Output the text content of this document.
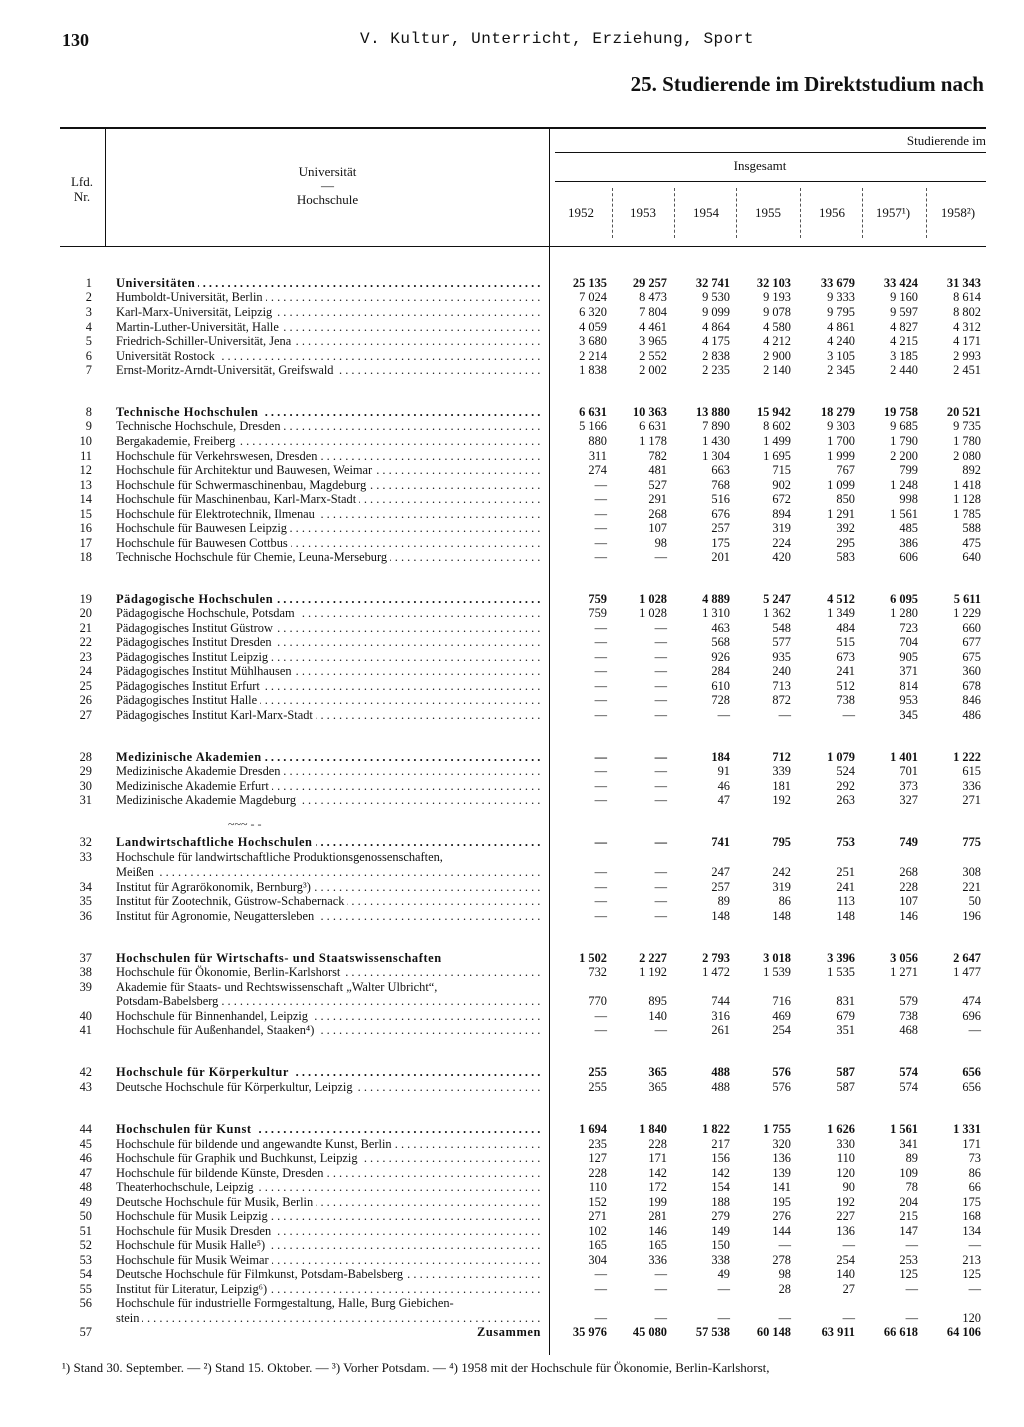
130	V. Kultur, Unterricht, Erziehung, Sport
25. Studierende im Direktstudium nach
Lfd.
Nr.
Universität
—
Hochschule
Studierende im
Insgesamt
1952	1953	1954	1955	1956	1957¹)	1958²)
1 Universitäten . . .	25 135	29 257	32 741	32 103	33 679	33 424	31 343
2 Humboldt-Universität, Berlin . . .	7 024	8 473	9 530	9 193	9 333	9 160	8 614
3 Karl-Marx-Universität, Leipzig . . .	6 320	7 804	9 099	9 078	9 795	9 597	8 802
4 Martin-Luther-Universität, Halle . . .	4 059	4 461	4 864	4 580	4 861	4 827	4 312
5 Friedrich-Schiller-Universität, Jena . . .	3 680	3 965	4 175	4 212	4 240	4 215	4 171
6 Universität Rostock . . .	2 214	2 552	2 838	2 900	3 105	3 185	2 993
7 Ernst-Moritz-Arndt-Universität, Greifswald . . .	1 838	2 002	2 235	2 140	2 345	2 440	2 451
8 Technische Hochschulen . . .	6 631	10 363	13 880	15 942	18 279	19 758	20 521
9 Technische Hochschule, Dresden . . .	5 166	6 631	7 890	8 602	9 303	9 685	9 735
10 Bergakademie, Freiberg . . .	880	1 178	1 430	1 499	1 700	1 790	1 780
11 Hochschule für Verkehrswesen, Dresden . . .	311	782	1 304	1 695	1 999	2 200	2 080
12 Hochschule für Architektur und Bauwesen, Weimar . . .	274	481	663	715	767	799	892
13 Hochschule für Schwermaschinenbau, Magdeburg . . .	—	527	768	902	1 099	1 248	1 418
14 Hochschule für Maschinenbau, Karl-Marx-Stadt . . .	—	291	516	672	850	998	1 128
15 Hochschule für Elektrotechnik, Ilmenau . . .	—	268	676	894	1 291	1 561	1 785
16 Hochschule für Bauwesen Leipzig . . .	—	107	257	319	392	485	588
17 Hochschule für Bauwesen Cottbus . . .	—	98	175	224	295	386	475
18 Technische Hochschule für Chemie, Leuna-Merseburg . . .	—	—	201	420	583	606	640
19 Pädagogische Hochschulen . . .	759	1 028	4 889	5 247	4 512	6 095	5 611
20 Pädagogische Hochschule, Potsdam . . .	759	1 028	1 310	1 362	1 349	1 280	1 229
21 Pädagogisches Institut Güstrow . . .	—	—	463	548	484	723	660
22 Pädagogisches Institut Dresden . . .	—	—	568	577	515	704	677
23 Pädagogisches Institut Leipzig . . .	—	—	926	935	673	905	675
24 Pädagogisches Institut Mühlhausen . . .	—	—	284	240	241	371	360
25 Pädagogisches Institut Erfurt . . .	—	—	610	713	512	814	678
26 Pädagogisches Institut Halle . . .	—	—	728	872	738	953	846
27 Pädagogisches Institut Karl-Marx-Stadt . . .	—	—	—	—	—	345	486
28 Medizinische Akademien . . .	—	—	184	712	1 079	1 401	1 222
29 Medizinische Akademie Dresden . . .	—	—	91	339	524	701	615
30 Medizinische Akademie Erfurt . . .	—	—	46	181	292	373	336
31 Medizinische Akademie Magdeburg . . .	—	—	47	192	263	327	271
32 Landwirtschaftliche Hochschulen . . .	—	—	741	795	753	749	775
33 Hochschule für landwirtschaftliche Produktionsgenossenschaften,
Meißen . . .	—	—	247	242	251	268	308
34 Institut für Agrarökonomik, Bernburg³) . . .	—	—	257	319	241	228	221
35 Institut für Zootechnik, Güstrow-Schabernack . . .	—	—	89	86	113	107	50
36 Institut für Agronomie, Neugattersleben . . .	—	—	148	148	148	146	196
37 Hochschulen für Wirtschafts- und Staatswissenschaften	1 502	2 227	2 793	3 018	3 396	3 056	2 647
38 Hochschule für Ökonomie, Berlin-Karlshorst . . .	732	1 192	1 472	1 539	1 535	1 271	1 477
39 Akademie für Staats- und Rechtswissenschaft „Walter Ulbricht“,
Potsdam-Babelsberg . . .	770	895	744	716	831	579	474
40 Hochschule für Binnenhandel, Leipzig . . .	—	140	316	469	679	738	696
41 Hochschule für Außenhandel, Staaken⁴) . . .	—	—	261	254	351	468	—
42 Hochschule für Körperkultur . . .	255	365	488	576	587	574	656
43 Deutsche Hochschule für Körperkultur, Leipzig . . .	255	365	488	576	587	574	656
44 Hochschulen für Kunst . . .	1 694	1 840	1 822	1 755	1 626	1 561	1 331
45 Hochschule für bildende und angewandte Kunst, Berlin . . .	235	228	217	320	330	341	171
46 Hochschule für Graphik und Buchkunst, Leipzig . . .	127	171	156	136	110	89	73
47 Hochschule für bildende Künste, Dresden . . .	228	142	142	139	120	109	86
48 Theaterhochschule, Leipzig . . .	110	172	154	141	90	78	66
49 Deutsche Hochschule für Musik, Berlin . . .	152	199	188	195	192	204	175
50 Hochschule für Musik Leipzig . . .	271	281	279	276	227	215	168
51 Hochschule für Musik Dresden . . .	102	146	149	144	136	147	134
52 Hochschule für Musik Halle⁵) . . .	165	165	150	—	—	—	—
53 Hochschule für Musik Weimar . . .	304	336	338	278	254	253	213
54 Deutsche Hochschule für Filmkunst, Potsdam-Babelsberg . . .	—	—	49	98	140	125	125
55 Institut für Literatur, Leipzig⁶) . . .	—	—	—	28	27	—	—
56 Hochschule für industrielle Formgestaltung, Halle, Burg Giebichen-
stein . . .	—	—	—	—	—	—	120
57	Zusammen	35 976	45 080	57 538	60 148	63 911	66 618	64 106
~~~ ‐ ‐
¹) Stand 30. September. — ²) Stand 15. Oktober. — ³) Vorher Potsdam. — ⁴) 1958 mit der Hochschule für Ökonomie, Berlin-Karlshorst,
